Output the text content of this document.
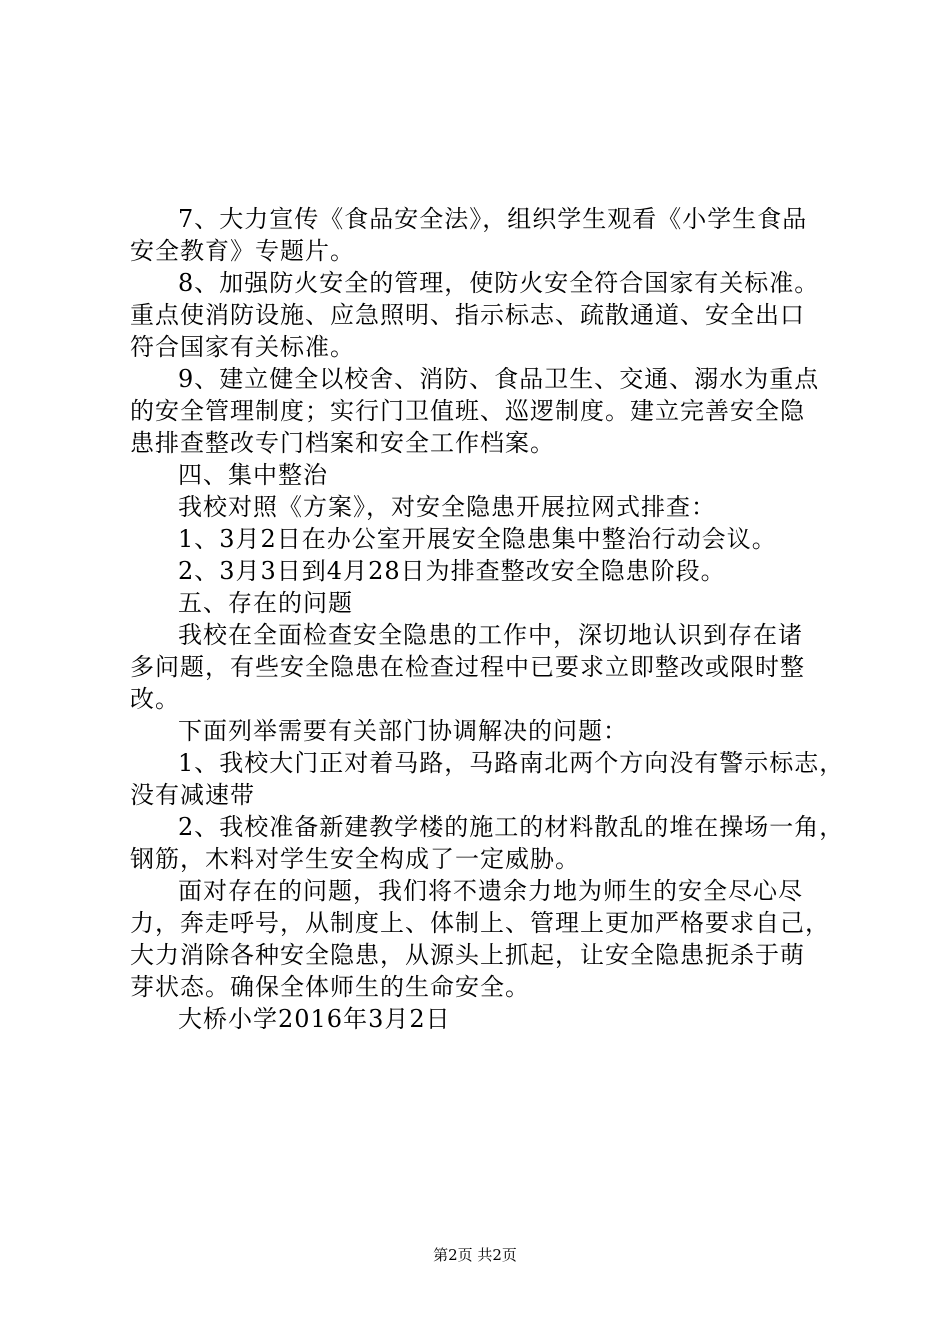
7、大力宣传《食品安全法》，组织学生观看《小学生食品
安全教育》专题片。
8、加强防火安全的管理，使防火安全符合国家有关标准。
重点使消防设施、应急照明、指示标志、疏散通道、安全出口
符合国家有关标准。
9、建立健全以校舍、消防、食品卫生、交通、溺水为重点
的安全管理制度；实行门卫值班、巡逻制度。建立完善安全隐
患排查整改专门档案和安全工作档案。
四、集中整治
我校对照《方案》，对安全隐患开展拉网式排查：
1、3月2日在办公室开展安全隐患集中整治行动会议。
2、3月3日到4月28日为排查整改安全隐患阶段。
五、存在的问题
我校在全面检查安全隐患的工作中，深切地认识到存在诸
多问题，有些安全隐患在检查过程中已要求立即整改或限时整
改。
下面列举需要有关部门协调解决的问题：
1、我校大门正对着马路，马路南北两个方向没有警示标志，
没有减速带
2、我校准备新建教学楼的施工的材料散乱的堆在操场一角，
钢筋，木料对学生安全构成了一定威胁。
面对存在的问题，我们将不遗余力地为师生的安全尽心尽
力，奔走呼号，从制度上、体制上、管理上更加严格要求自己，
大力消除各种安全隐患，从源头上抓起，让安全隐患扼杀于萌
芽状态。确保全体师生的生命安全。
大桥小学2016年3月2日
第2页 共2页
